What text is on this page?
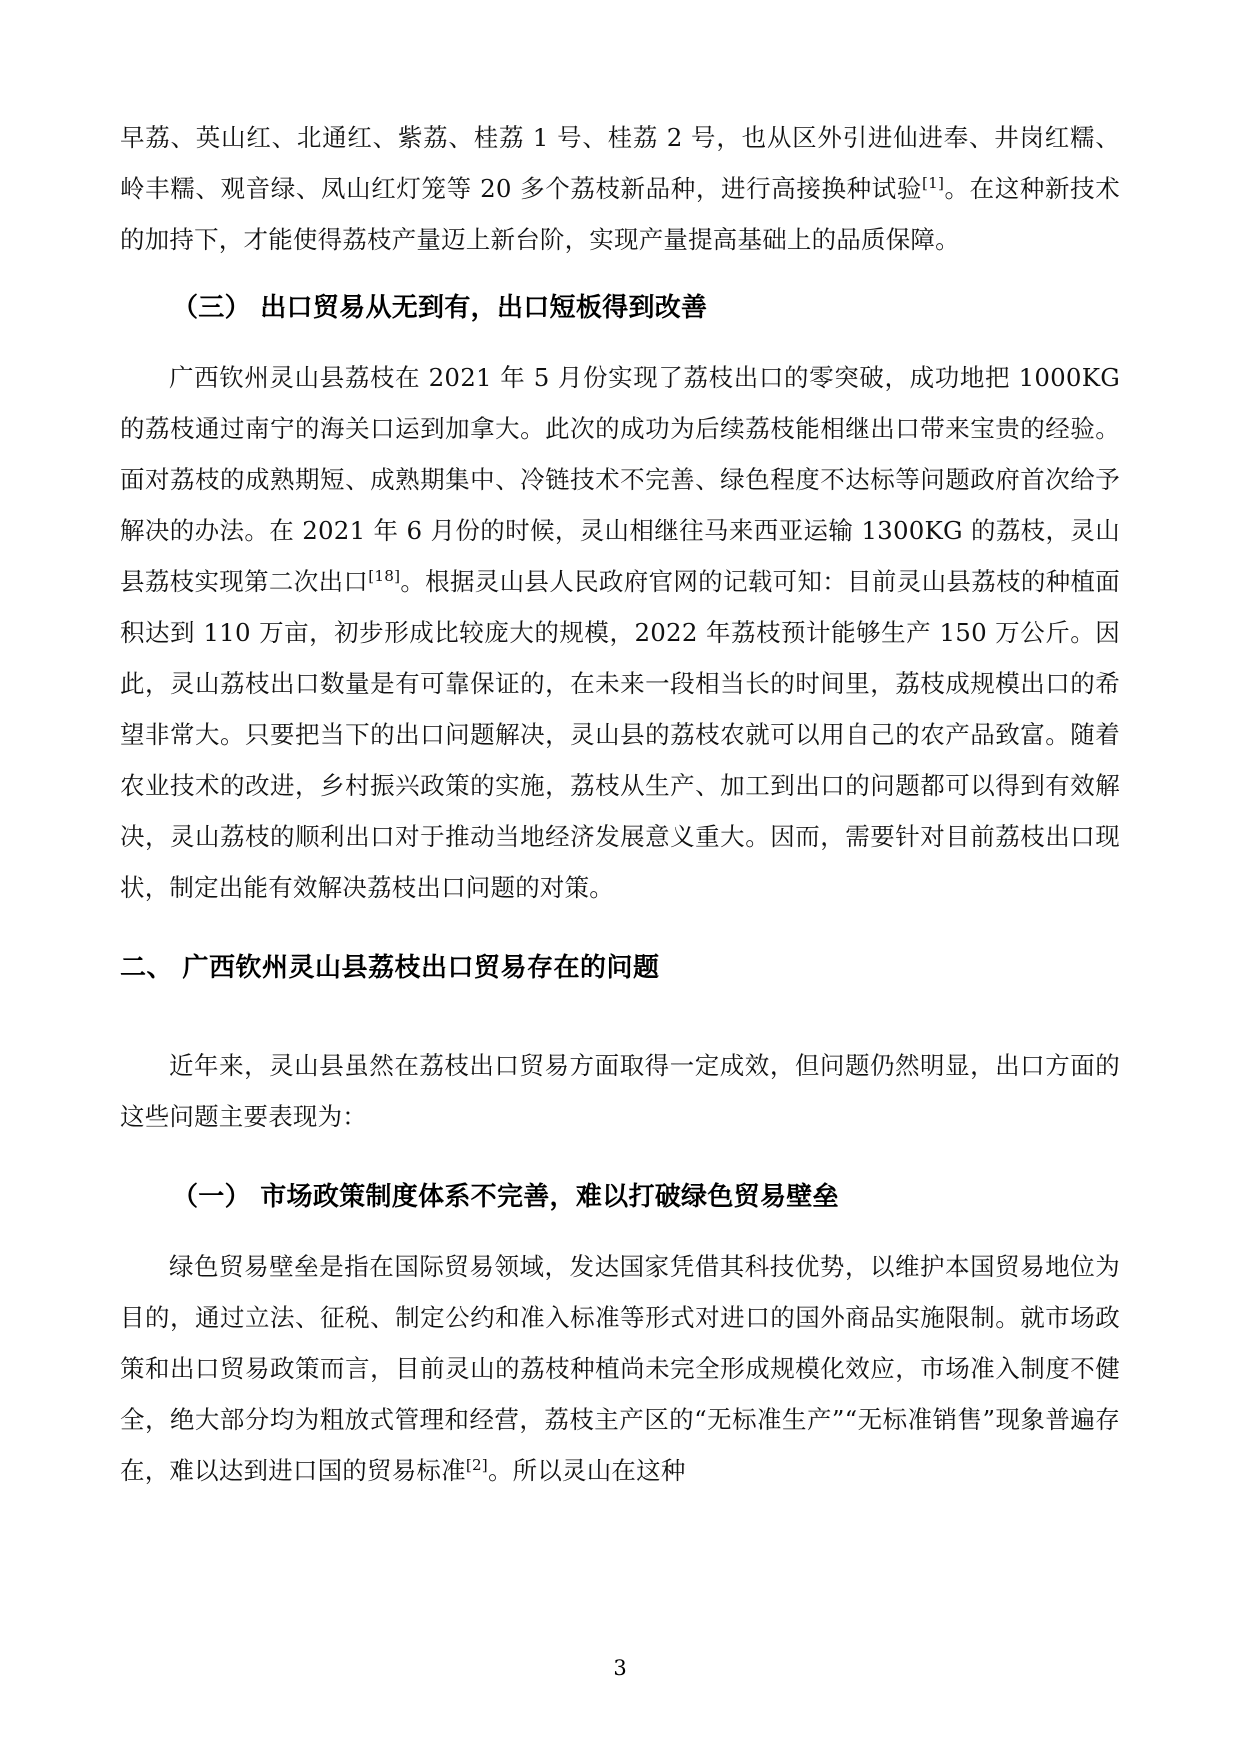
早荔、英山红、北通红、紫荔、桂荔 1 号、桂荔 2 号，也从区外引进仙进奉、井岗红糯、岭丰糯、观音绿、凤山红灯笼等 20 多个荔枝新品种，进行高接换种试验[1]。在这种新技术的加持下，才能使得荔枝产量迈上新台阶，实现产量提高基础上的品质保障。

（三） 出口贸易从无到有，出口短板得到改善

广西钦州灵山县荔枝在 2021 年 5 月份实现了荔枝出口的零突破，成功地把 1000KG 的荔枝通过南宁的海关口运到加拿大。此次的成功为后续荔枝能相继出口带来宝贵的经验。面对荔枝的成熟期短、成熟期集中、冷链技术不完善、绿色程度不达标等问题政府首次给予解决的办法。在 2021 年 6 月份的时候，灵山相继往马来西亚运输 1300KG 的荔枝，灵山县荔枝实现第二次出口[18]。根据灵山县人民政府官网的记载可知：目前灵山县荔枝的种植面积达到 110 万亩，初步形成比较庞大的规模，2022 年荔枝预计能够生产 150 万公斤。因此，灵山荔枝出口数量是有可靠保证的，在未来一段相当长的时间里，荔枝成规模出口的希望非常大。只要把当下的出口问题解决，灵山县的荔枝农就可以用自己的农产品致富。随着农业技术的改进，乡村振兴政策的实施，荔枝从生产、加工到出口的问题都可以得到有效解决，灵山荔枝的顺利出口对于推动当地经济发展意义重大。因而，需要针对目前荔枝出口现状，制定出能有效解决荔枝出口问题的对策。

二、 广西钦州灵山县荔枝出口贸易存在的问题

近年来，灵山县虽然在荔枝出口贸易方面取得一定成效，但问题仍然明显，出口方面的这些问题主要表现为：

（一） 市场政策制度体系不完善，难以打破绿色贸易壁垒

绿色贸易壁垒是指在国际贸易领域，发达国家凭借其科技优势，以维护本国贸易地位为目的，通过立法、征税、制定公约和准入标准等形式对进口的国外商品实施限制。就市场政策和出口贸易政策而言，目前灵山的荔枝种植尚未完全形成规模化效应，市场准入制度不健全，绝大部分均为粗放式管理和经营，荔枝主产区的“无标准生产”“无标准销售”现象普遍存在，难以达到进口国的贸易标准[2]。所以灵山在这种

3
